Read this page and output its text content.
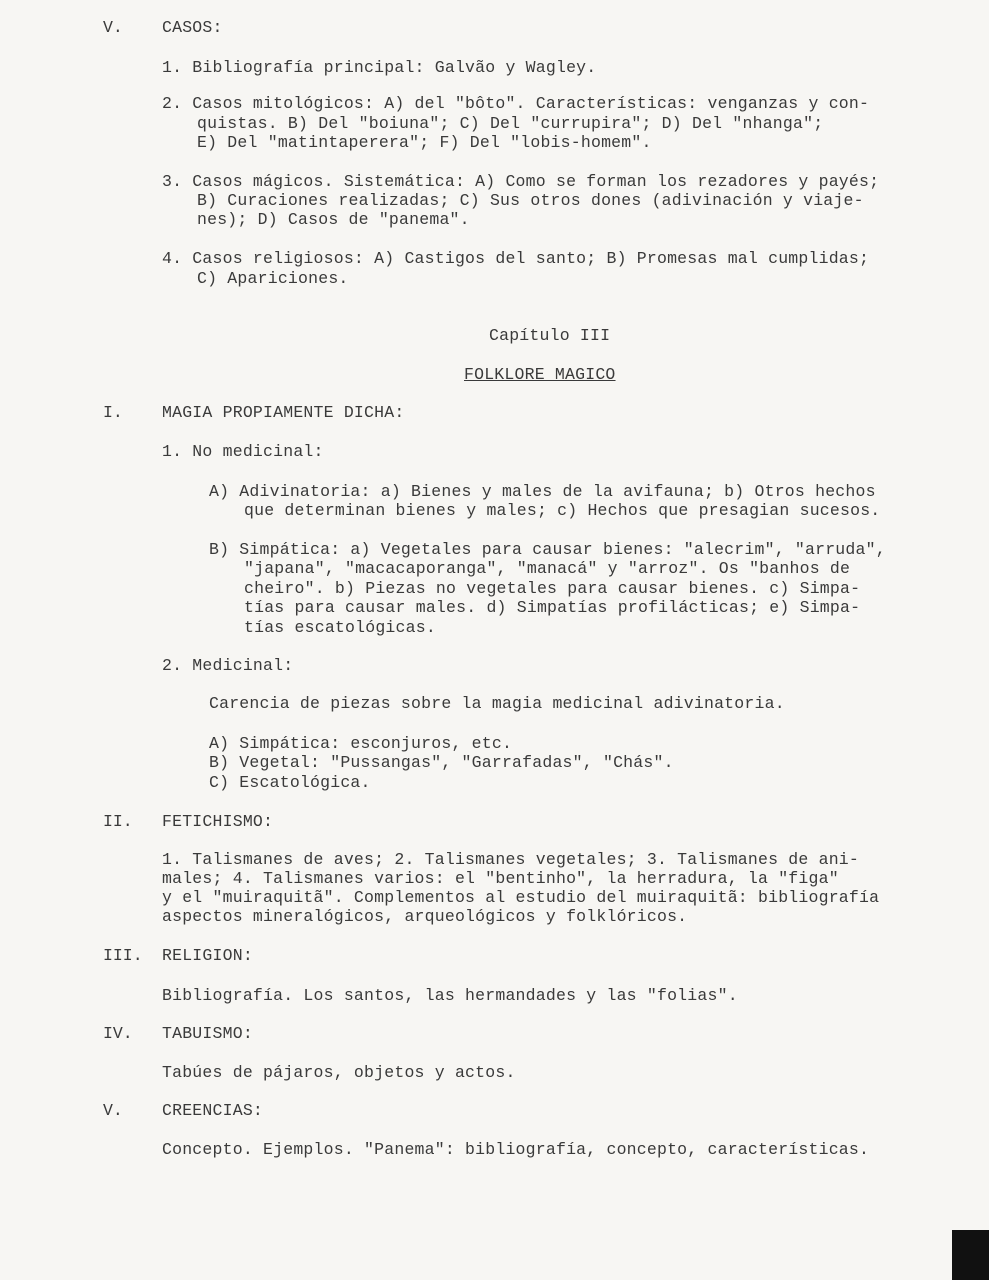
V. CASOS:
1. Bibliografía principal: Galvão y Wagley.
2. Casos mitológicos: A) del "bôto". Características: venganzas y con-
quistas. B) Del "boiuna"; C) Del "currupira"; D) Del "nhanga";
E) Del "matintaperera"; F) Del "lobis-homem".
3. Casos mágicos. Sistemática: A) Como se forman los rezadores y payés;
B) Curaciones realizadas; C) Sus otros dones (adivinación y viaje-
nes); D) Casos de "panema".
4. Casos religiosos: A) Castigos del santo; B) Promesas mal cumplidas;
C) Apariciones.
Capítulo III
FOLKLORE MAGICO
I. MAGIA PROPIAMENTE DICHA:
1. No medicinal:
A) Adivinatoria: a) Bienes y males de la avifauna; b) Otros hechos
que determinan bienes y males; c) Hechos que presagian sucesos.
B) Simpática: a) Vegetales para causar bienes: "alecrim", "arruda",
"japana", "macacaporanga", "manacá" y "arroz". Os "banhos de
cheiro". b) Piezas no vegetales para causar bienes. c) Simpa-
tías para causar males. d) Simpatías profilácticas; e) Simpa-
tías escatológicas.
2. Medicinal:
Carencia de piezas sobre la magia medicinal adivinatoria.
A) Simpática: esconjuros, etc.
B) Vegetal: "Pussangas", "Garrafadas", "Chás".
C) Escatológica.
II. FETICHISMO:
1. Talismanes de aves; 2. Talismanes vegetales; 3. Talismanes de ani-
males; 4. Talismanes varios: el "bentinho", la herradura, la "figa"
y el "muiraquitã". Complementos al estudio del muiraquitã: bibliografía
aspectos mineralógicos, arqueológicos y folklóricos.
III. RELIGION:
Bibliografía. Los santos, las hermandades y las "folias".
IV. TABUISMO:
Tabúes de pájaros, objetos y actos.
V. CREENCIAS:
Concepto. Ejemplos. "Panema": bibliografía, concepto, características.
